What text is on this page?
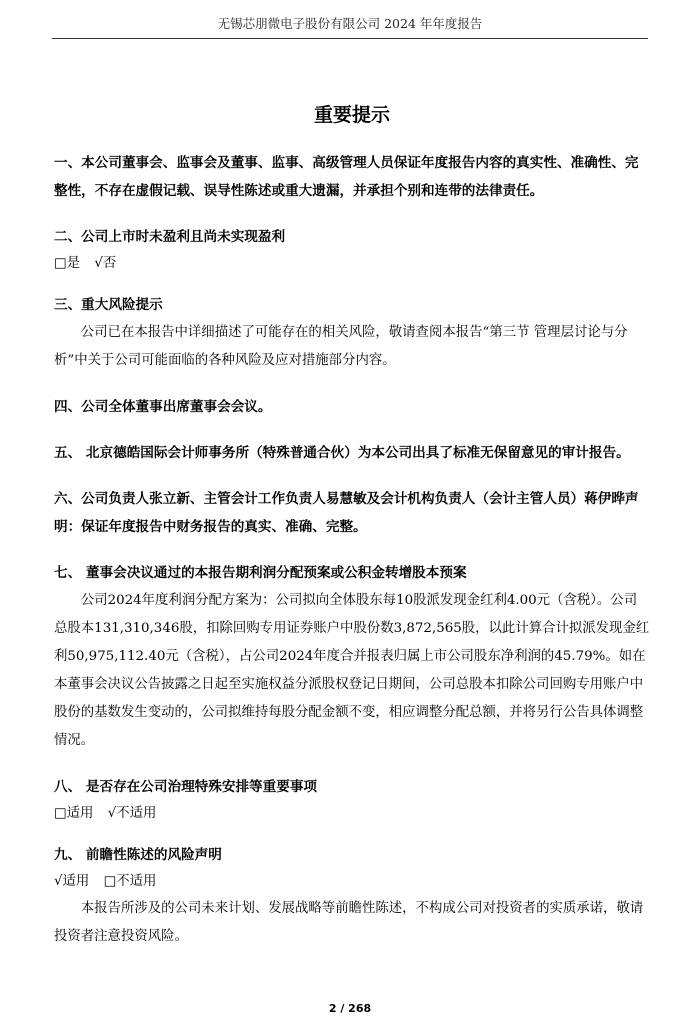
无锡芯朋微电子股份有限公司 2024 年年度报告
重要提示

一、本公司董事会、监事会及董事、监事、高级管理人员保证年度报告内容的真实性、准确性、完整性，不存在虚假记载、误导性陈述或重大遗漏，并承担个别和连带的法律责任。

二、公司上市时未盈利且尚未实现盈利

□是 √否

三、重大风险提示

公司已在本报告中详细描述了可能存在的相关风险，敬请查阅本报告“第三节 管理层讨论与分析”中关于公司可能面临的各种风险及应对措施部分内容。

四、公司全体董事出席董事会会议。

五、 北京德皓国际会计师事务所（特殊普通合伙）为本公司出具了标准无保留意见的审计报告。

六、公司负责人张立新、主管会计工作负责人易慧敏及会计机构负责人（会计主管人员）蒋伊晔声明：保证年度报告中财务报告的真实、准确、完整。

七、 董事会决议通过的本报告期利润分配预案或公积金转增股本预案

公司2024年度利润分配方案为：公司拟向全体股东每10股派发现金红利4.00元（含税）。公司总股本131,310,346股，扣除回购专用证券账户中股份数3,872,565股，以此计算合计拟派发现金红利50,975,112.40元（含税），占公司2024年度合并报表归属上市公司股东净利润的45.79%。如在本董事会决议公告披露之日起至实施权益分派股权登记日期间，公司总股本扣除公司回购专用账户中股份的基数发生变动的，公司拟维持每股分配金额不变，相应调整分配总额，并将另行公告具体调整情况。

八、 是否存在公司治理特殊安排等重要事项

□适用 √不适用

九、 前瞻性陈述的风险声明

√适用 □不适用

本报告所涉及的公司未来计划、发展战略等前瞻性陈述，不构成公司对投资者的实质承诺，敬请投资者注意投资风险。

2 / 268
